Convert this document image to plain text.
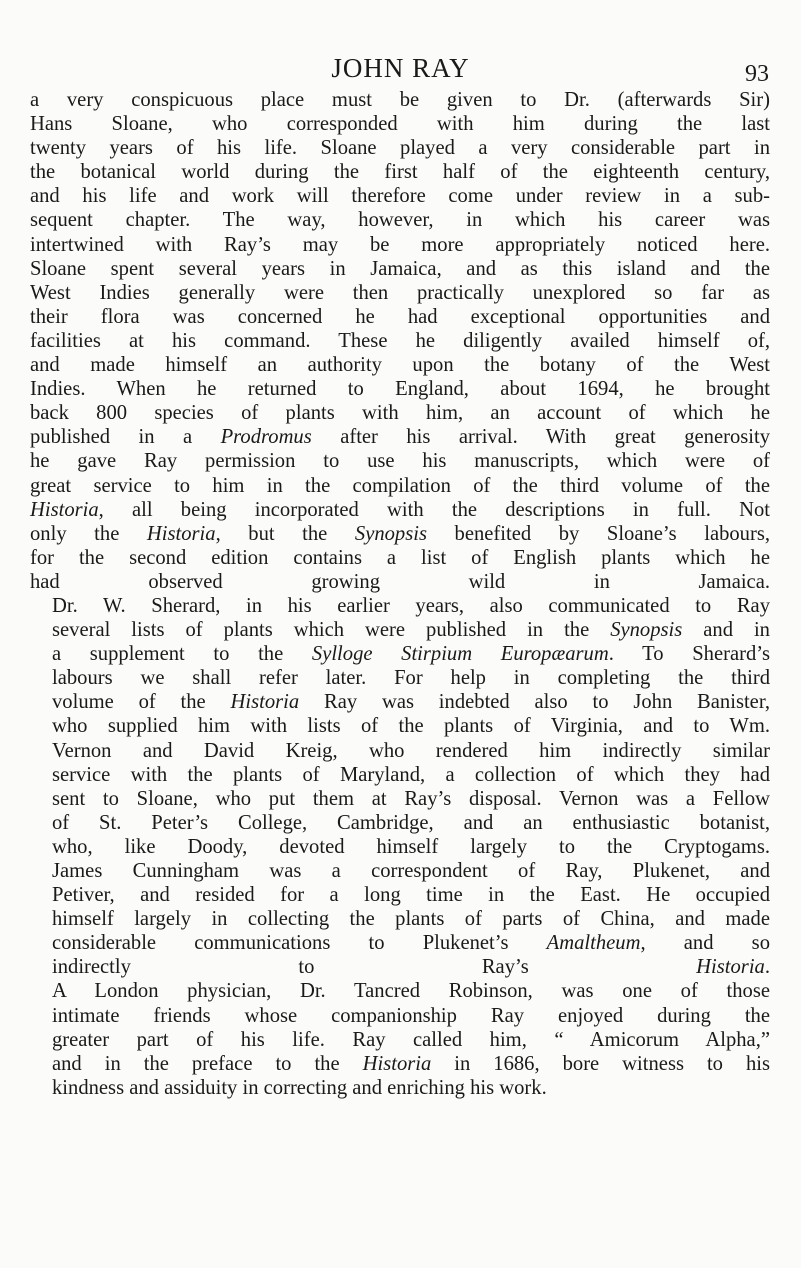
JOHN RAY	93

a very conspicuous place must be given to Dr. (afterwards Sir)
Hans Sloane, who corresponded with him during the last
twenty years of his life. Sloane played a very considerable part in
the botanical world during the first half of the eighteenth century,
and his life and work will therefore come under review in a sub-
sequent chapter. The way, however, in which his career was
intertwined with Ray’s may be more appropriately noticed here.
Sloane spent several years in Jamaica, and as this island and the
West Indies generally were then practically unexplored so far as
their flora was concerned he had exceptional opportunities and
facilities at his command. These he diligently availed himself of,
and made himself an authority upon the botany of the West
Indies. When he returned to England, about 1694, he brought
back 800 species of plants with him, an account of which he
published in a Prodromus after his arrival. With great generosity
he gave Ray permission to use his manuscripts, which were of
great service to him in the compilation of the third volume of the
Historia, all being incorporated with the descriptions in full. Not
only the Historia, but the Synopsis benefited by Sloane’s labours,
for the second edition contains a list of English plants which he
had observed growing wild in Jamaica.

Dr. W. Sherard, in his earlier years, also communicated to Ray
several lists of plants which were published in the Synopsis and in
a supplement to the Sylloge Stirpium Europæarum. To Sherard’s
labours we shall refer later. For help in completing the third
volume of the Historia Ray was indebted also to John Banister,
who supplied him with lists of the plants of Virginia, and to Wm.
Vernon and David Kreig, who rendered him indirectly similar
service with the plants of Maryland, a collection of which they had
sent to Sloane, who put them at Ray’s disposal. Vernon was a Fellow
of St. Peter’s College, Cambridge, and an enthusiastic botanist,
who, like Doody, devoted himself largely to the Cryptogams.
James Cunningham was a correspondent of Ray, Plukenet, and
Petiver, and resided for a long time in the East. He occupied
himself largely in collecting the plants of parts of China, and made
considerable communications to Plukenet’s Amaltheum, and so
indirectly to Ray’s Historia.

A London physician, Dr. Tancred Robinson, was one of those
intimate friends whose companionship Ray enjoyed during the
greater part of his life. Ray called him, “ Amicorum Alpha,”
and in the preface to the Historia in 1686, bore witness to his
kindness and assiduity in correcting and enriching his work.
